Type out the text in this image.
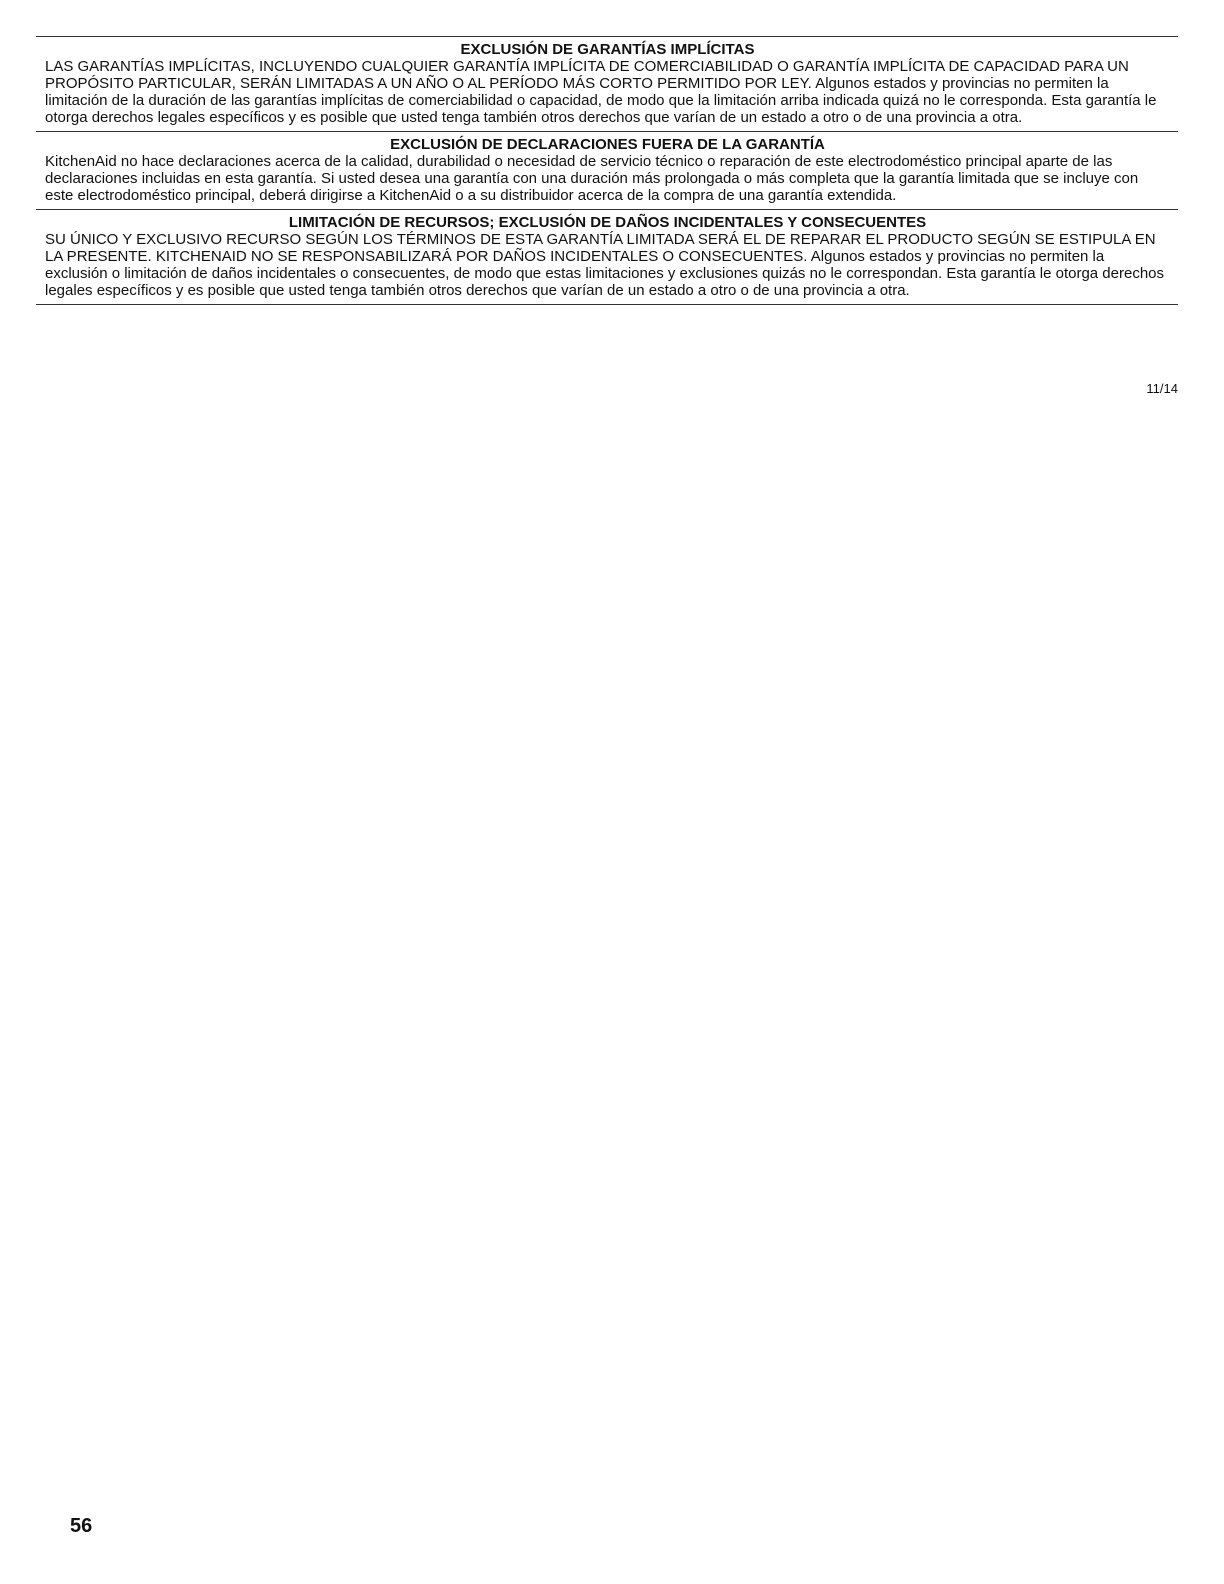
EXCLUSIÓN DE GARANTÍAS IMPLÍCITAS

LAS GARANTÍAS IMPLÍCITAS, INCLUYENDO CUALQUIER GARANTÍA IMPLÍCITA DE COMERCIABILIDAD O GARANTÍA IMPLÍCITA DE CAPACIDAD PARA UN PROPÓSITO PARTICULAR, SERÁN LIMITADAS A UN AÑO O AL PERÍODO MÁS CORTO PERMITIDO POR LEY. Algunos estados y provincias no permiten la limitación de la duración de las garantías implícitas de comerciabilidad o capacidad, de modo que la limitación arriba indicada quizá no le corresponda. Esta garantía le otorga derechos legales específicos y es posible que usted tenga también otros derechos que varían de un estado a otro o de una provincia a otra.

EXCLUSIÓN DE DECLARACIONES FUERA DE LA GARANTÍA

KitchenAid no hace declaraciones acerca de la calidad, durabilidad o necesidad de servicio técnico o reparación de este electrodoméstico principal aparte de las declaraciones incluidas en esta garantía. Si usted desea una garantía con una duración más prolongada o más completa que la garantía limitada que se incluye con este electrodoméstico principal, deberá dirigirse a KitchenAid o a su distribuidor acerca de la compra de una garantía extendida.

LIMITACIÓN DE RECURSOS; EXCLUSIÓN DE DAÑOS INCIDENTALES Y CONSECUENTES

SU ÚNICO Y EXCLUSIVO RECURSO SEGÚN LOS TÉRMINOS DE ESTA GARANTÍA LIMITADA SERÁ EL DE REPARAR EL PRODUCTO SEGÚN SE ESTIPULA EN LA PRESENTE. KITCHENAID NO SE RESPONSABILIZARÁ POR DAÑOS INCIDENTALES O CONSECUENTES. Algunos estados y provincias no permiten la exclusión o limitación de daños incidentales o consecuentes, de modo que estas limitaciones y exclusiones quizás no le correspondan. Esta garantía le otorga derechos legales específicos y es posible que usted tenga también otros derechos que varían de un estado a otro o de una provincia a otra.

11/14
56
